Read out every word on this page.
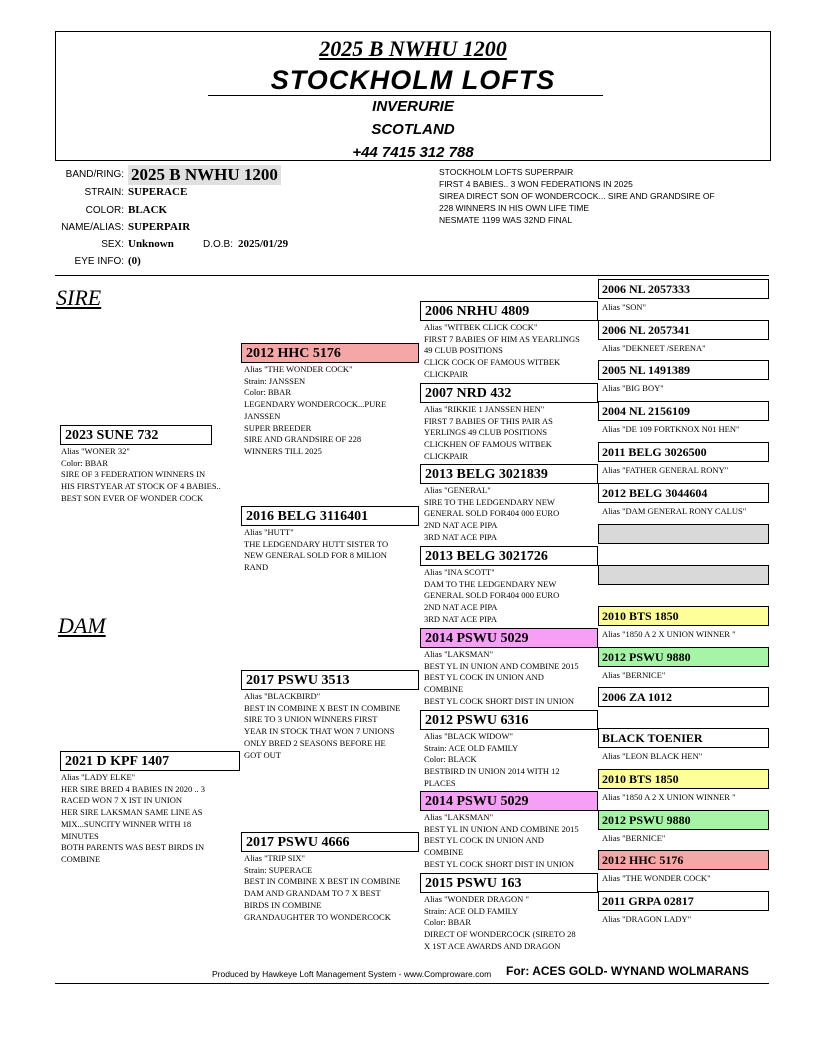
2025 B NWHU 1200
STOCKHOLM LOFTS
INVERURIE
SCOTLAND
+44 7415 312 788
BAND/RING: 2025 B NWHU 1200
STRAIN: SUPERACE
COLOR: BLACK
NAME/ALIAS: SUPERPAIR
SEX: Unknown	D.O.B: 2025/01/29
EYE INFO: (0)
STOCKHOLM LOFTS SUPERPAIR
FIRST 4 BABIES.. 3 WON FEDERATIONS IN 2025
SIREA DIRECT SON OF WONDERCOCK... SIRE AND GRANDSIRE OF
228 WINNERS IN HIS OWN LIFE TIME
NESMATE 1199 WAS 32ND FINAL
SIRE
DAM
2023 SUNE 732
Alias "WONER 32"
Color: BBAR
SIRE OF 3 FEDERATION WINNERS IN
HIS FIRSTYEAR AT STOCK OF 4 BABIES..
BEST SON EVER OF WONDER COCK
2021 D KPF 1407
Alias "LADY ELKE"
HER SIRE BRED 4 BABIES IN 2020 .. 3
RACED WON 7 X IST IN UNION
HER SIRE LAKSMAN SAME LINE AS
MIX...SUNCITY WINNER WITH 18
MINUTES
BOTH PARENTS WAS BEST BIRDS IN
COMBINE
2012 HHC 5176
Alias "THE WONDER COCK"
Strain: JANSSEN
Color: BBAR
LEGENDARY WONDERCOCK...PURE
JANSSEN
SUPER BREEDER
SIRE AND GRANDSIRE OF 228
WINNERS TILL 2025
2016 BELG 3116401
Alias "HUTT"
THE LEDGENDARY HUTT SISTER TO
NEW GENERAL SOLD FOR 8 MILION
RAND
2017 PSWU 3513
Alias "BLACKBIRD"
BEST IN COMBINE X BEST IN COMBINE
SIRE TO 3 UNION WINNERS FIRST
YEAR IN STOCK THAT WON 7 UNIONS
ONLY BRED 2 SEASONS BEFORE HE
GOT OUT
2017 PSWU 4666
Alias "TRIP SIX"
Strain: SUPERACE
BEST IN COMBINE X BEST IN COMBINE
DAM AND GRANDAM TO 7 X BEST
BIRDS IN COMBINE
GRANDAUGHTER TO WONDERCOCK
2006 NRHU 4809
Alias "WITBEK CLICK COCK"
FIRST 7 BABIES OF HIM AS YEARLINGS
49 CLUB POSITIONS
CLICK COCK OF FAMOUS WITBEK
CLICKPAIR
2007 NRD 432
Alias "RIKKIE 1 JANSSEN HEN"
FIRST 7 BABIES OF THIS PAIR AS
YERLINGS 49 CLUB POSITIONS
CLICKHEN OF FAMOUS WITBEK
CLICKPAIR
2013 BELG 3021839
Alias "GENERAL"
SIRE TO THE LEDGENDARY NEW
GENERAL SOLD FOR404 000 EURO
2ND NAT ACE PIPA
3RD NAT ACE PIPA
2013 BELG 3021726
Alias "INA SCOTT"
DAM TO THE LEDGENDARY NEW
GENERAL SOLD FOR404 000 EURO
2ND NAT ACE PIPA
3RD NAT ACE PIPA
2014 PSWU 5029
Alias "LAKSMAN"
BEST YL IN UNION AND COMBINE 2015
BEST YL COCK IN UNION AND
COMBINE
BEST YL COCK SHORT DIST IN UNION
2012 PSWU 6316
Alias "BLACK WIDOW"
Strain: ACE OLD FAMILY
Color: BLACK
BESTBIRD IN UNION 2014 WITH 12
PLACES
2014 PSWU 5029
Alias "LAKSMAN"
BEST YL IN UNION AND COMBINE 2015
BEST YL COCK IN UNION AND
COMBINE
BEST YL COCK SHORT DIST IN UNION
2015 PSWU 163
Alias "WONDER DRAGON "
Strain: ACE OLD FAMILY
Color: BBAR
DIRECT OF WONDERCOCK (SIRETO 28
X 1ST ACE AWARDS AND DRAGON
2006 NL 2057333
Alias "SON"
2006 NL 2057341
Alias "DEKNEET /SERENA"
2005 NL 1491389
Alias "BIG BOY"
2004 NL 2156109
Alias "DE 109 FORTKNOX N01 HEN"
2011 BELG 3026500
Alias "FATHER GENERAL RONY"
2012 BELG 3044604
Alias "DAM GENERAL RONY CALUS"
2010 BTS 1850
Alias "1850 A 2 X UNION WINNER "
2012 PSWU 9880
Alias "BERNICE"
2006 ZA 1012
BLACK TOENIER
Alias "LEON BLACK HEN"
2010 BTS 1850
Alias "1850 A 2 X UNION WINNER "
2012 PSWU 9880
Alias "BERNICE"
2012 HHC 5176
Alias "THE WONDER COCK"
2011 GRPA 02817
Alias "DRAGON LADY"
Produced by Hawkeye Loft Management System - www.Comproware.com For: ACES GOLD- WYNAND WOLMARANS
